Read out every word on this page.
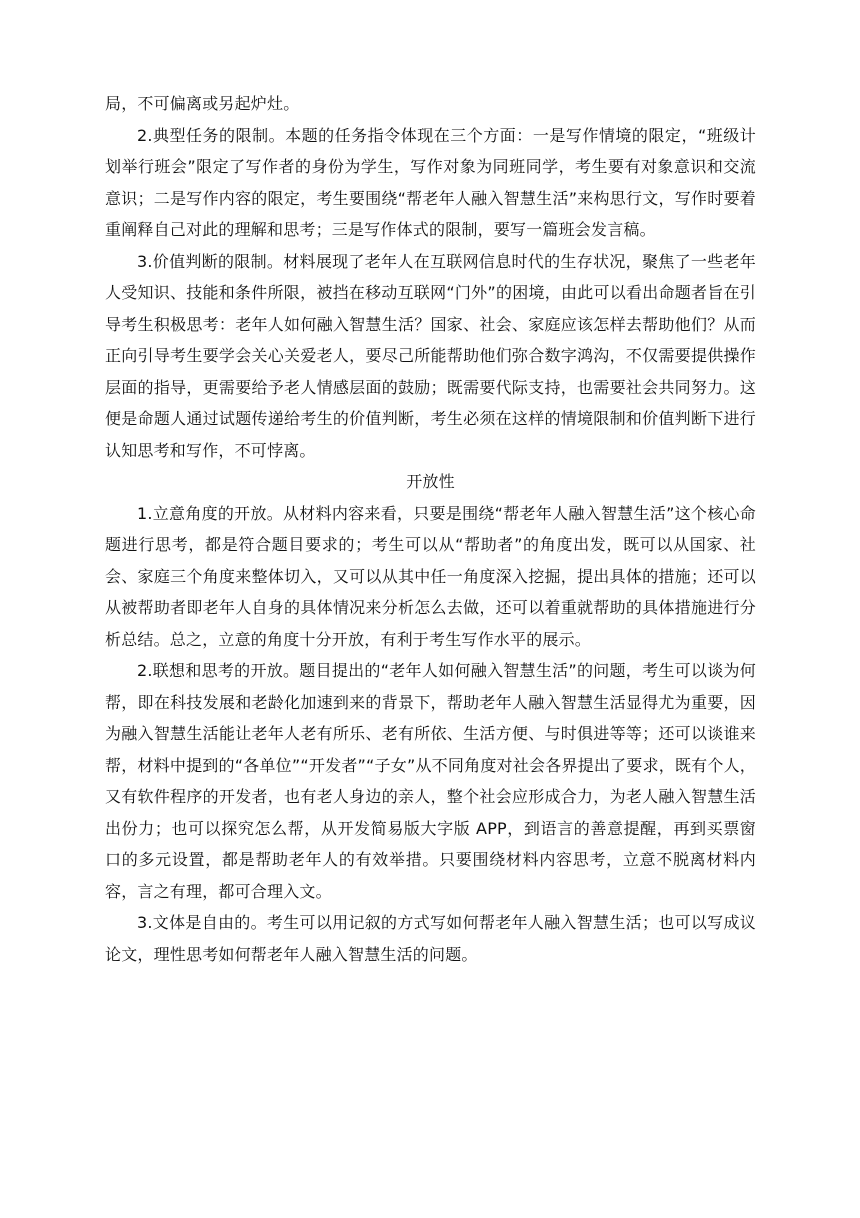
局，不可偏离或另起炉灶。

2.典型任务的限制。本题的任务指令体现在三个方面：一是写作情境的限定，“班级计划举行班会”限定了写作者的身份为学生，写作对象为同班同学，考生要有对象意识和交流意识；二是写作内容的限定，考生要围绕“帮老年人融入智慧生活”来构思行文，写作时要着重阐释自己对此的理解和思考；三是写作体式的限制，要写一篇班会发言稿。

3.价值判断的限制。材料展现了老年人在互联网信息时代的生存状况，聚焦了一些老年人受知识、技能和条件所限，被挡在移动互联网“门外”的困境，由此可以看出命题者旨在引导考生积极思考：老年人如何融入智慧生活？国家、社会、家庭应该怎样去帮助他们？从而正向引导考生要学会关心关爱老人，要尽己所能帮助他们弥合数字鸿沟，不仅需要提供操作层面的指导，更需要给予老人情感层面的鼓励；既需要代际支持，也需要社会共同努力。这便是命题人通过试题传递给考生的价值判断，考生必须在这样的情境限制和价值判断下进行认知思考和写作，不可悖离。

开放性

1.立意角度的开放。从材料内容来看，只要是围绕“帮老年人融入智慧生活”这个核心命题进行思考，都是符合题目要求的；考生可以从“帮助者”的角度出发，既可以从国家、社会、家庭三个角度来整体切入，又可以从其中任一角度深入挖掘，提出具体的措施；还可以从被帮助者即老年人自身的具体情况来分析怎么去做，还可以着重就帮助的具体措施进行分析总结。总之，立意的角度十分开放，有利于考生写作水平的展示。

2.联想和思考的开放。题目提出的“老年人如何融入智慧生活”的问题，考生可以谈为何帮，即在科技发展和老龄化加速到来的背景下，帮助老年人融入智慧生活显得尤为重要，因为融入智慧生活能让老年人老有所乐、老有所依、生活方便、与时俱进等等；还可以谈谁来帮，材料中提到的“各单位”“开发者”“子女”从不同角度对社会各界提出了要求，既有个人，又有软件程序的开发者，也有老人身边的亲人，整个社会应形成合力，为老人融入智慧生活出份力；也可以探究怎么帮，从开发简易版大字版 APP，到语言的善意提醒，再到买票窗口的多元设置，都是帮助老年人的有效举措。只要围绕材料内容思考，立意不脱离材料内容，言之有理，都可合理入文。

3.文体是自由的。考生可以用记叙的方式写如何帮老年人融入智慧生活；也可以写成议论文，理性思考如何帮老年人融入智慧生活的问题。
